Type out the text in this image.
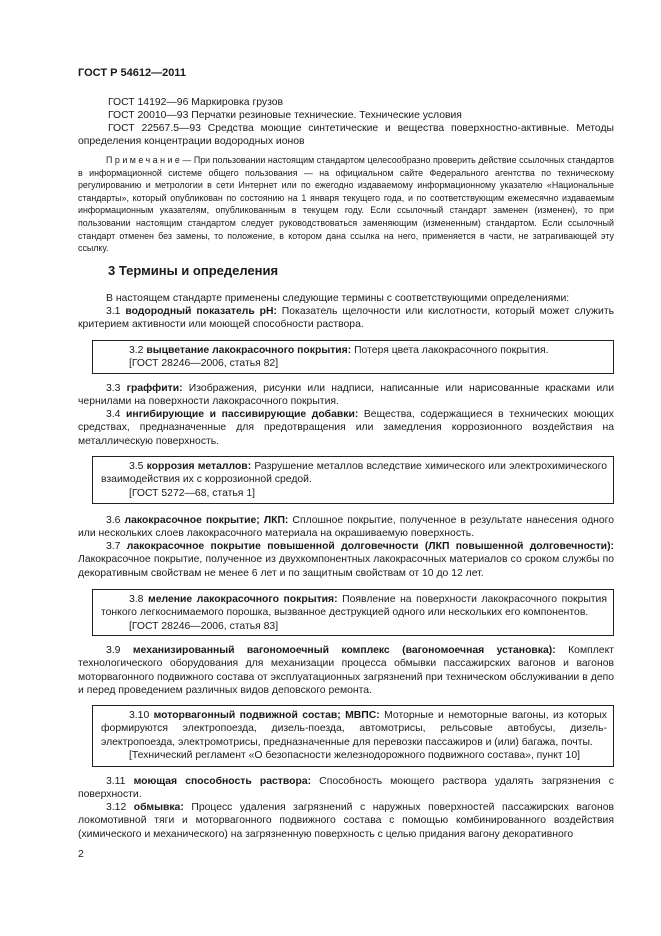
ГОСТ Р 54612—2011
ГОСТ 14192—96 Маркировка грузов
ГОСТ 20010—93 Перчатки резиновые технические. Технические условия
ГОСТ 22567.5—93 Средства моющие синтетические и вещества поверхностно-активные. Методы определения концентрации водородных ионов
Примечание— При пользовании настоящим стандартом целесообразно проверить действие ссылочных стандартов в информационной системе общего пользования — на официальном сайте Федерального агентства по техническому регулированию и метрологии в сети Интернет или по ежегодно издаваемому информационному указателю «Национальные стандарты», который опубликован по состоянию на 1 января текущего года, и по соответствующим ежемесячно издаваемым информационным указателям, опубликованным в текущем году. Если ссылочный стандарт заменен (изменен), то при пользовании настоящим стандартом следует руководствоваться заменяющим (измененным) стандартом. Если ссылочный стандарт отменен без замены, то положение, в котором дана ссылка на него, применяется в части, не затрагивающей эту ссылку.
3 Термины и определения
В настоящем стандарте применены следующие термины с соответствующими определениями:
3.1 водородный показатель pH: Показатель щелочности или кислотности, который может служить критерием активности или моющей способности раствора.

3.2 выцветание лакокрасочного покрытия: Потеря цвета лакокрасочного покрытия.

[ГОСТ 28246—2006, статья 82]

3.3 граффити: Изображения, рисунки или надписи, написанные или нарисованные красками или чернилами на поверхности лакокрасочного покрытия.
3.4 ингибирующие и пассивирующие добавки: Вещества, содержащиеся в технических моющих средствах, предназначенные для предотвращения или замедления коррозионного воздействия на металлическую поверхность.

3.5 коррозия металлов: Разрушение металлов вследствие химического или электрохимического взаимодействия их с коррозионной средой.

[ГОСТ 5272—68, статья 1]

3.6 лакокрасочное покрытие; ЛКП: Сплошное покрытие, полученное в результате нанесения одного или нескольких слоев лакокрасочного материала на окрашиваемую поверхность.
3.7 лакокрасочное покрытие повышенной долговечности (ЛКП повышенной долговечности): Лакокрасочное покрытие, полученное из двухкомпонентных лакокрасочных материалов со сроком службы по декоративным свойствам не менее 6 лет и по защитным свойствам от 10 до 12 лет.

3.8 меление лакокрасочного покрытия: Появление на поверхности лакокрасочного покрытия тонкого легкоснимаемого порошка, вызванное деструкцией одного или нескольких его компонентов.

[ГОСТ 28246—2006, статья 83]

3.9 механизированный вагономоечный комплекс (вагономоечная установка): Комплект технологического оборудования для механизации процесса обмывки пассажирских вагонов и вагонов моторвагонного подвижного состава от эксплуатационных загрязнений при техническом обслуживании в депо и перед проведением различных видов деповского ремонта.

3.10 моторвагонный подвижной состав; МВПС: Моторные и немоторные вагоны, из которых формируются электропоезда, дизель-поезда, автомотрисы, рельсовые автобусы, дизель-электропоезда, электромотрисы, предназначенные для перевозки пассажиров и (или) багажа, почты.

[Технический регламент «О безопасности железнодорожного подвижного состава», пункт 10]

3.11 моющая способность раствора: Способность моющего раствора удалять загрязнения с поверхности.
3.12 обмывка: Процесс удаления загрязнений с наружных поверхностей пассажирских вагонов локомотивной тяги и моторвагонного подвижного состава с помощью комбинированного воздействия (химического и механического) на загрязненную поверхность с целью придания вагону декоративного
2
